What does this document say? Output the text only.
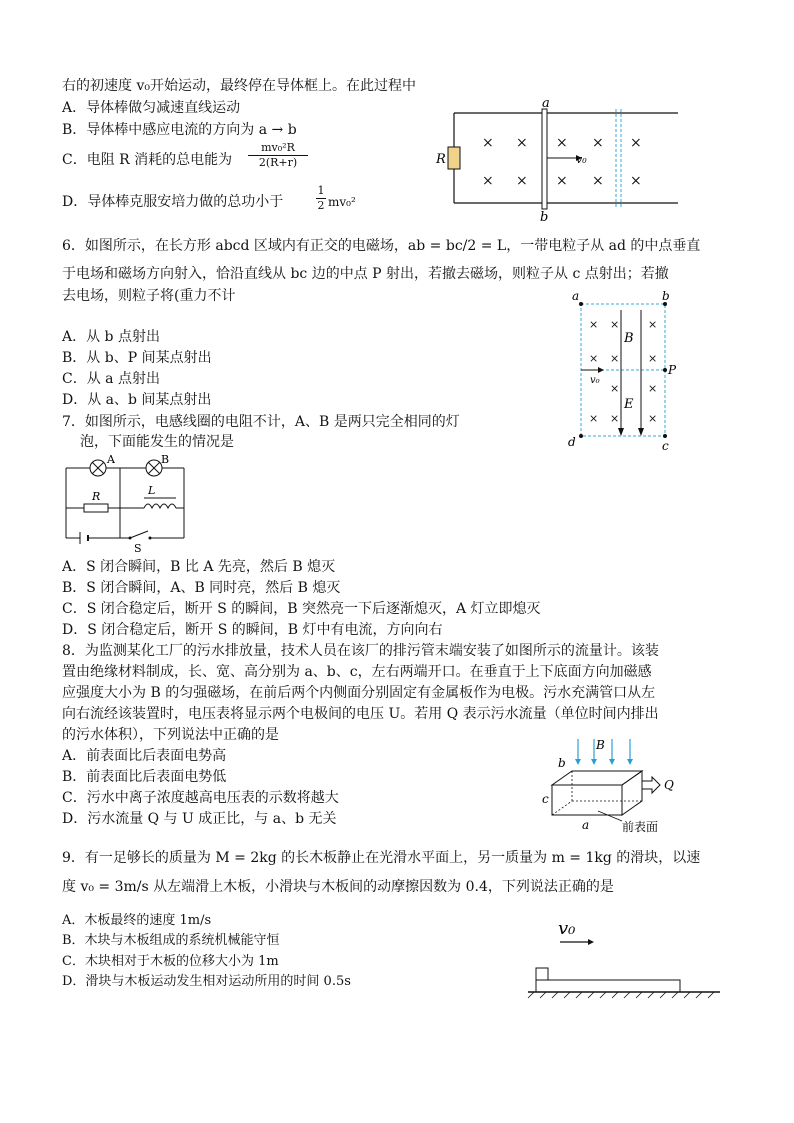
右的初速度 v₀开始运动，最终停在导体框上。在此过程中
A．导体棒做匀减速直线运动
B．导体棒中感应电流的方向为 a → b
C．电阻 R 消耗的总电能为 $\frac{\text{mv₀²R}}{2(R+r)}$
D．导体棒克服安培力做的总功小于	$\frac{1}{2} mv_0^2$
R
a
b
v₀
× × × × ×
× × × × ×
6．如图所示，在长方形 abcd 区域内有正交的电磁场，ab = bc/2 = L，一带电粒子从 ad 的中点垂直
于电场和磁场方向射入，恰沿直线从 bc 边的中点 P 射出，若撤去磁场，则粒子从 c 点射出；若撤
去电场，则粒子将(重力不计
A．从 b 点射出
B．从 b、P 间某点射出
C．从 a 点射出
D．从 a、b 间某点射出
a	b
c
d
P
v₀
B
E
× ×	×
× ×	×
×	×
× ×	×
7．如图所示，电感线圈的电阻不计，A、B 是两只完全相同的灯
泡，下面能发生的情况是
A	B
R	L
S
A．S 闭合瞬间，B 比 A 先亮，然后 B 熄灭
B．S 闭合瞬间，A、B 同时亮，然后 B 熄灭
C．S 闭合稳定后，断开 S 的瞬间，B 突然亮一下后逐渐熄灭，A 灯立即熄灭
D．S 闭合稳定后，断开 S 的瞬间，B 灯中有电流，方向向右
8．为监测某化工厂的污水排放量，技术人员在该厂的排污管末端安装了如图所示的流量计。该装
置由绝缘材料制成，长、宽、高分别为 a、b、c，左右两端开口。在垂直于上下底面方向加磁感
应强度大小为 B 的匀强磁场，在前后两个内侧面分别固定有金属板作为电极。污水充满管口从左
向右流经该装置时，电压表将显示两个电极间的电压 U。若用 Q 表示污水流量（单位时间内排出
的污水体积），下列说法中正确的是
A．前表面比后表面电势高
B．前表面比后表面电势低
C．污水中离子浓度越高电压表的示数将越大
D．污水流量 Q 与 U 成正比，与 a、b 无关
B
Q
b
c
a	前表面
9．有一足够长的质量为 M = 2kg 的长木板静止在光滑水平面上，另一质量为 m = 1kg 的滑块，以速
度 v₀ = 3m/s 从左端滑上木板，小滑块与木板间的动摩擦因数为 0.4，下列说法正确的是
A．木板最终的速度 1m/s
B．木块与木板组成的系统机械能守恒
C．木块相对于木板的位移大小为 1m
D．滑块与木板运动发生相对运动所用的时间 0.5s
v₀
